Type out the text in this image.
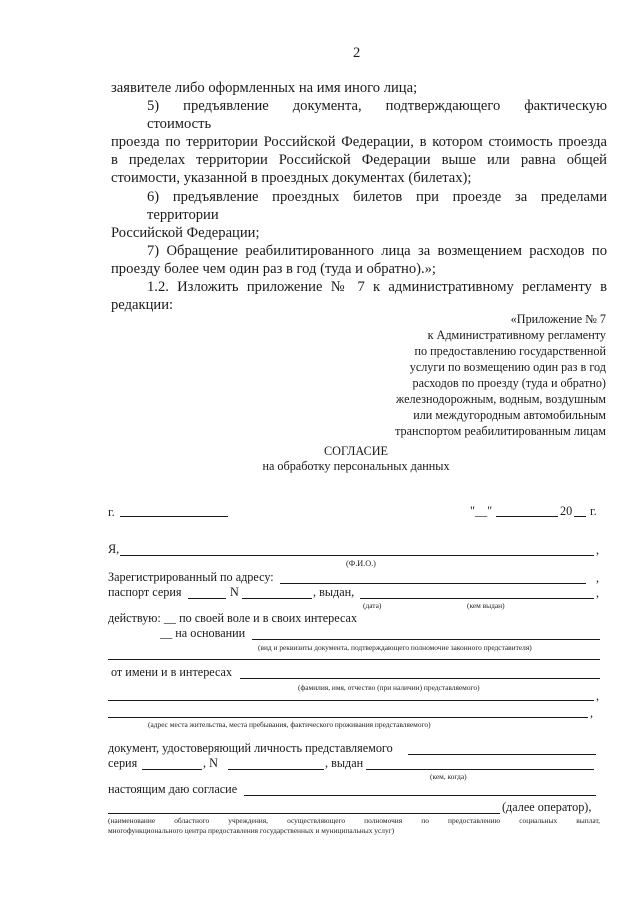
2
заявителе либо оформленных на имя иного лица;
5) предъявление документа, подтверждающего фактическую
стоимость
проезда по территории Российской Федерации, в котором стоимость проезда
в пределах территории Российской Федерации выше или равна общей
стоимости, указанной в проездных документах (билетах);
6) предъявление проездных билетов при проезде за пределами
территории
Российской Федерации;
7) Обращение реабилитированного лица за возмещением расходов по
проезду более чем один раз в год (туда и обратно).»;
1.2. Изложить приложение № 7 к административному регламенту в
редакции:
«Приложение № 7
к Административному регламенту
по предоставлению государственной
услуги по возмещению один раз в год
расходов по проезду (туда и обратно)
железнодорожным, водным, воздушным
или междугородным автомобильным
транспортом реабилитированным лицам
СОГЛАСИЕ
на обработку персональных данных
г.	"__"	20 г.
Я,	,
(Ф.И.О.)
Зарегистрированный по адресу:	,
паспорт серия	N	, выдан,	,
(дата)	(кем выдан)
действую: __ по своей воле и в своих интересах
__ на основании
(вид и реквизиты документа, подтверждающего полномочие законного представителя)
от имени и в интересах
(фамилия, имя, отчество (при наличии) представляемого)
,
,
(адрес места жительства, места пребывания, фактического проживания представляемого)
документ, удостоверяющий личность представляемого
серия	, N	, выдан
(кем, когда)
настоящим даю согласие
(далее оператор),
(наименование областного учреждения, осуществляющего полномочия по предоставлению социальных выплат,
многофункционального центра предоставления государственных и муниципальных услуг)
